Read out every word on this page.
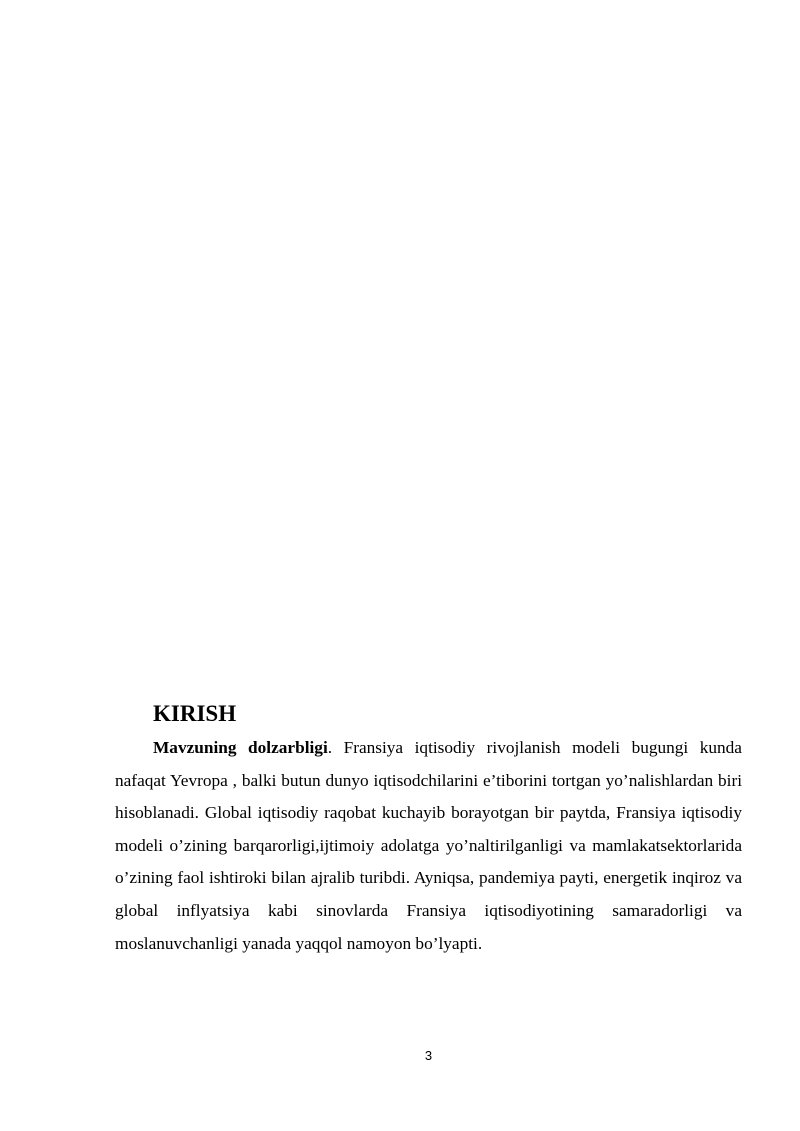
KIRISH

Mavzuning dolzarbligi. Fransiya iqtisodiy rivojlanish modeli bugungi kunda nafaqat Yevropa , balki butun dunyo iqtisodchilarini e’tiborini tortgan yo’nalishlardan biri hisoblanadi. Global iqtisodiy raqobat kuchayib borayotgan bir paytda, Fransiya iqtisodiy modeli o’zining barqarorligi,ijtimoiy adolatga yo’naltirilganligi va mamlakatsektorlarida o’zining faol ishtiroki bilan ajralib turibdi. Ayniqsa, pandemiya payti, energetik inqiroz va global inflyatsiya kabi sinovlarda Fransiya iqtisodiyotining samaradorligi va moslanuvchanligi yanada yaqqol namoyon bo’lyapti.

3
